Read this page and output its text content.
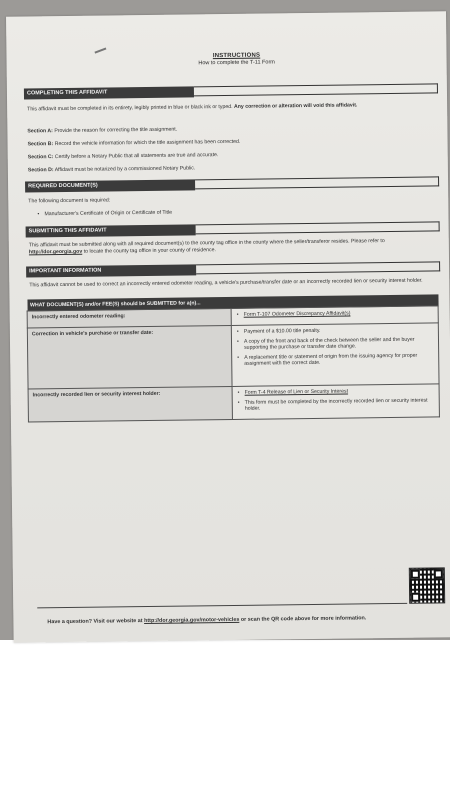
INSTRUCTIONS
How to complete the T-11 Form
COMPLETING THIS AFFIDAVIT
This affidavit must be completed in its entirety, legibly printed in blue or black ink or typed. Any correction or alteration will void this affidavit.
Section A: Provide the reason for correcting the title assignment.
Section B: Record the vehicle information for which the title assignment has been corrected.
Section C: Certify before a Notary Public that all statements are true and accurate.
Section D: Affidavit must be notarized by a commissioned Notary Public.
REQUIRED DOCUMENT(S)
The following document is required:
• Manufacturer's Certificate of Origin or Certificate of Title
SUBMITTING THIS AFFIDAVIT
This affidavit must be submitted along with all required document(s) to the county tag office in the county where the seller/transferor resides. Please refer to http://dor.georgia.gov to locate the county tag office in your county of residence.
IMPORTANT INFORMATION
This affidavit cannot be used to correct an incorrectly entered odometer reading, a vehicle's purchase/transfer date or an incorrectly recorded lien or security interest holder.
WHAT DOCUMENT(S) and/or FEE(S) should be SUBMITTED for a(n)...	
Incorrectly entered odometer reading:	• Form T-107 Odometer Discrepancy Affidavit(s)

Correction in vehicle's purchase or transfer date:	• Payment of a $10.00 title penalty.
• A copy of the front and back of the check between the seller and the buyer supporting the purchase or transfer date change.
• A replacement title or statement of origin from the issuing agency for proper assignment with the correct date.

Incorrectly recorded lien or security interest holder:	• Form T-4 Release of Lien or Security Interest
• This form must be completed by the incorrectly recorded lien or security interest holder.
Have a question? Visit our website at http://dor.georgia.gov/motor-vehicles or scan the QR code above for more information.
